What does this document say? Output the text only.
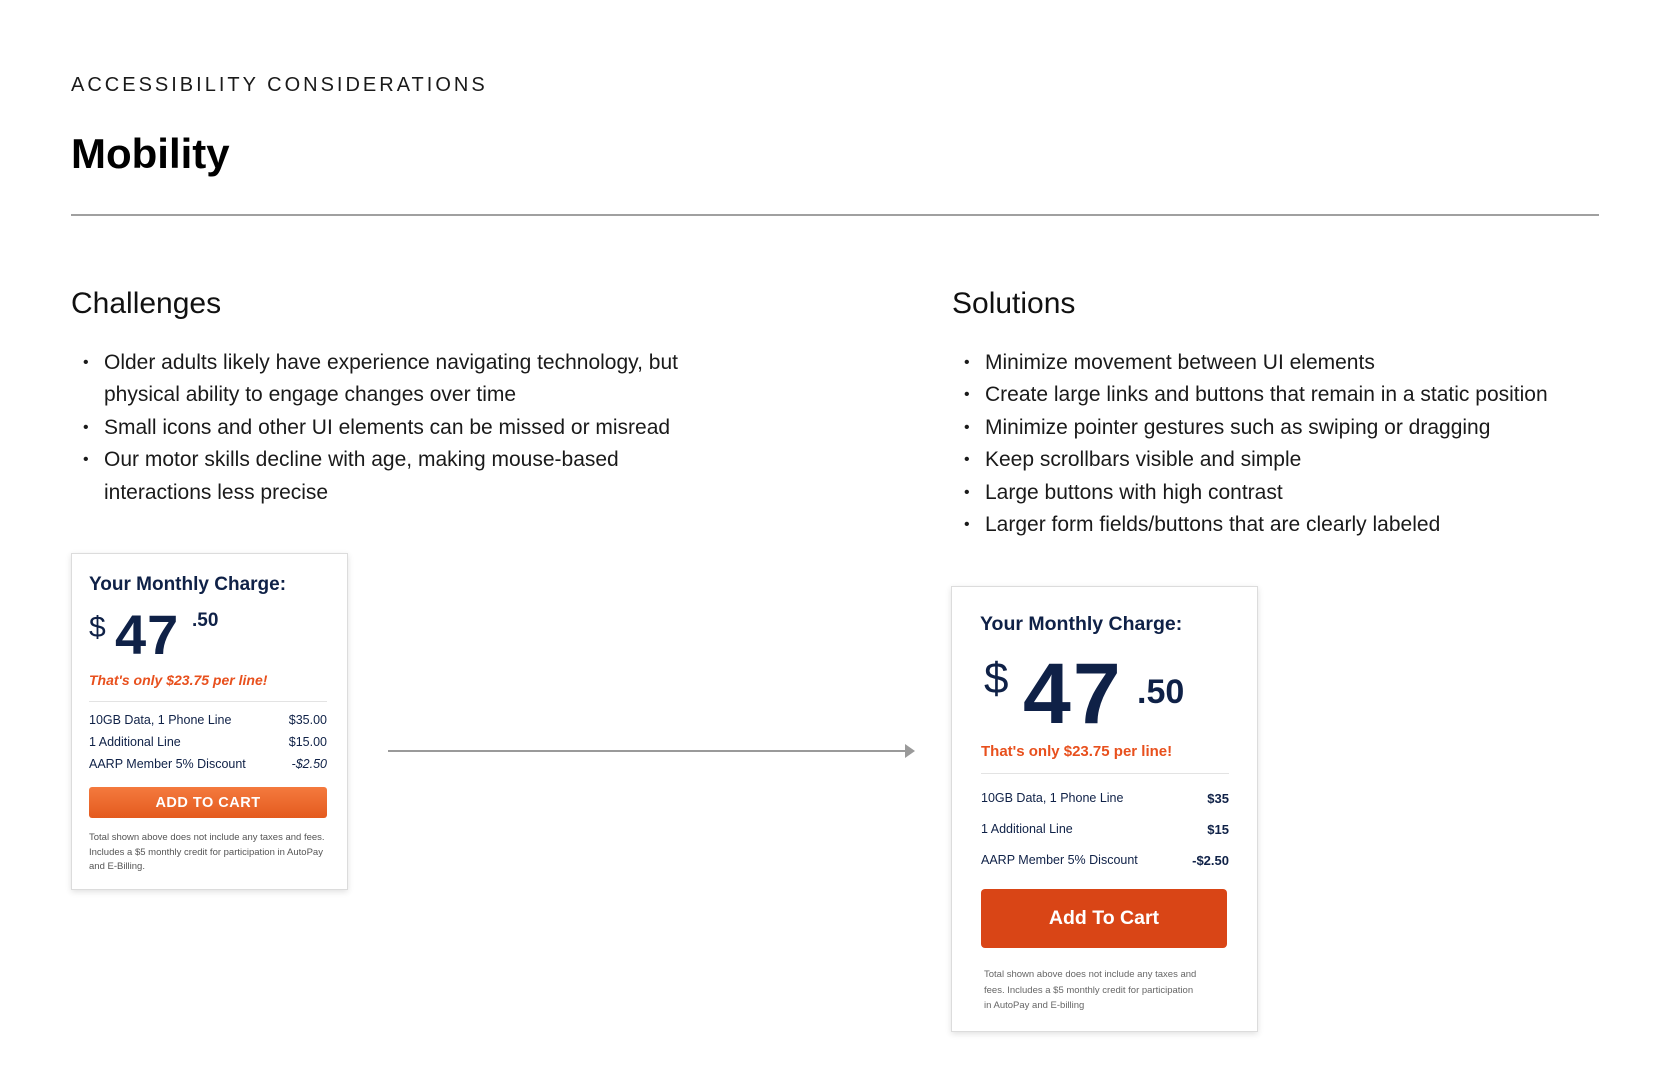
ACCESSIBILITY CONSIDERATIONS
Mobility
Challenges
• Older adults likely have experience navigating technology, but physical ability to engage changes over time
• Small icons and other UI elements can be missed or misread
• Our motor skills decline with age, making mouse-based interactions less precise
Solutions
• Minimize movement between UI elements
• Create large links and buttons that remain in a static position
• Minimize pointer gestures such as swiping or dragging
• Keep scrollbars visible and simple
• Large buttons with high contrast
• Larger form fields/buttons that are clearly labeled
Your Monthly Charge:
$ 47 .50
That's only $23.75 per line!
10GB Data, 1 Phone Line	$35.00
1 Additional Line	$15.00
AARP Member 5% Discount	-$2.50
ADD TO CART
Total shown above does not include any taxes and fees. Includes a $5 monthly credit for participation in AutoPay and E-Billing.
Your Monthly Charge:
$ 47 .50
That's only $23.75 per line!
10GB Data, 1 Phone Line	$35
1 Additional Line	$15
AARP Member 5% Discount	-$2.50
Add To Cart
Total shown above does not include any taxes and fees. Includes a $5 monthly credit for participation in AutoPay and E-billing
